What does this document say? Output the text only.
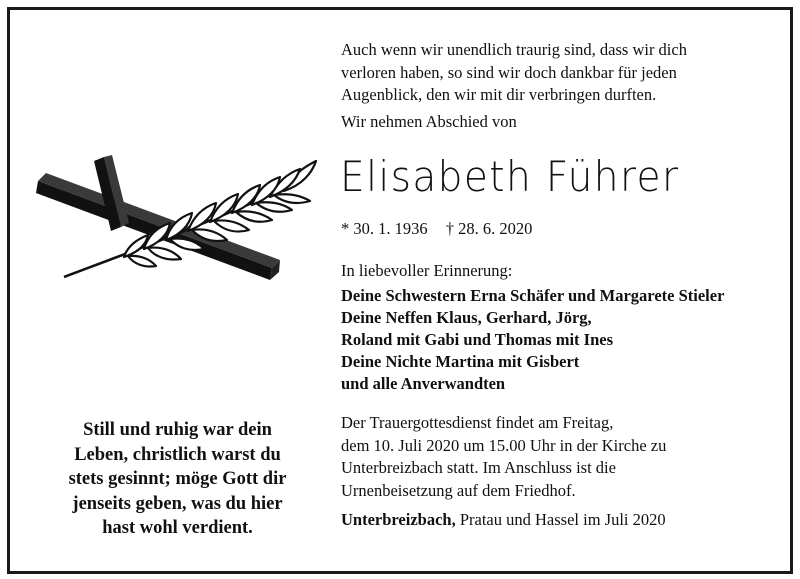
Auch wenn wir unendlich traurig sind, dass wir dich

verloren haben, so sind wir doch dankbar für jeden

Augenblick, den wir mit dir verbringen durften.

Wir nehmen Abschied von
Elisabeth Führer
* 30. 1. 1936 † 28. 6. 2020
In liebevoller Erinnerung:
Deine Schwestern Erna Schäfer und Margarete Stieler
Deine Neffen Klaus, Gerhard, Jörg,
Roland mit Gabi und Thomas mit Ines
Deine Nichte Martina mit Gisbert
und alle Anverwandten

Der Trauergottesdienst findet am Freitag,

dem 10. Juli 2020 um 15.00 Uhr in der Kirche zu

Unterbreizbach statt. Im Anschluss ist die

Urnenbeisetzung auf dem Friedhof.

Unterbreizbach, Pratau und Hassel im Juli 2020
Still und ruhig war dein
Leben, christlich warst du
stets gesinnt; möge Gott dir
jenseits geben, was du hier
hast wohl verdient.
